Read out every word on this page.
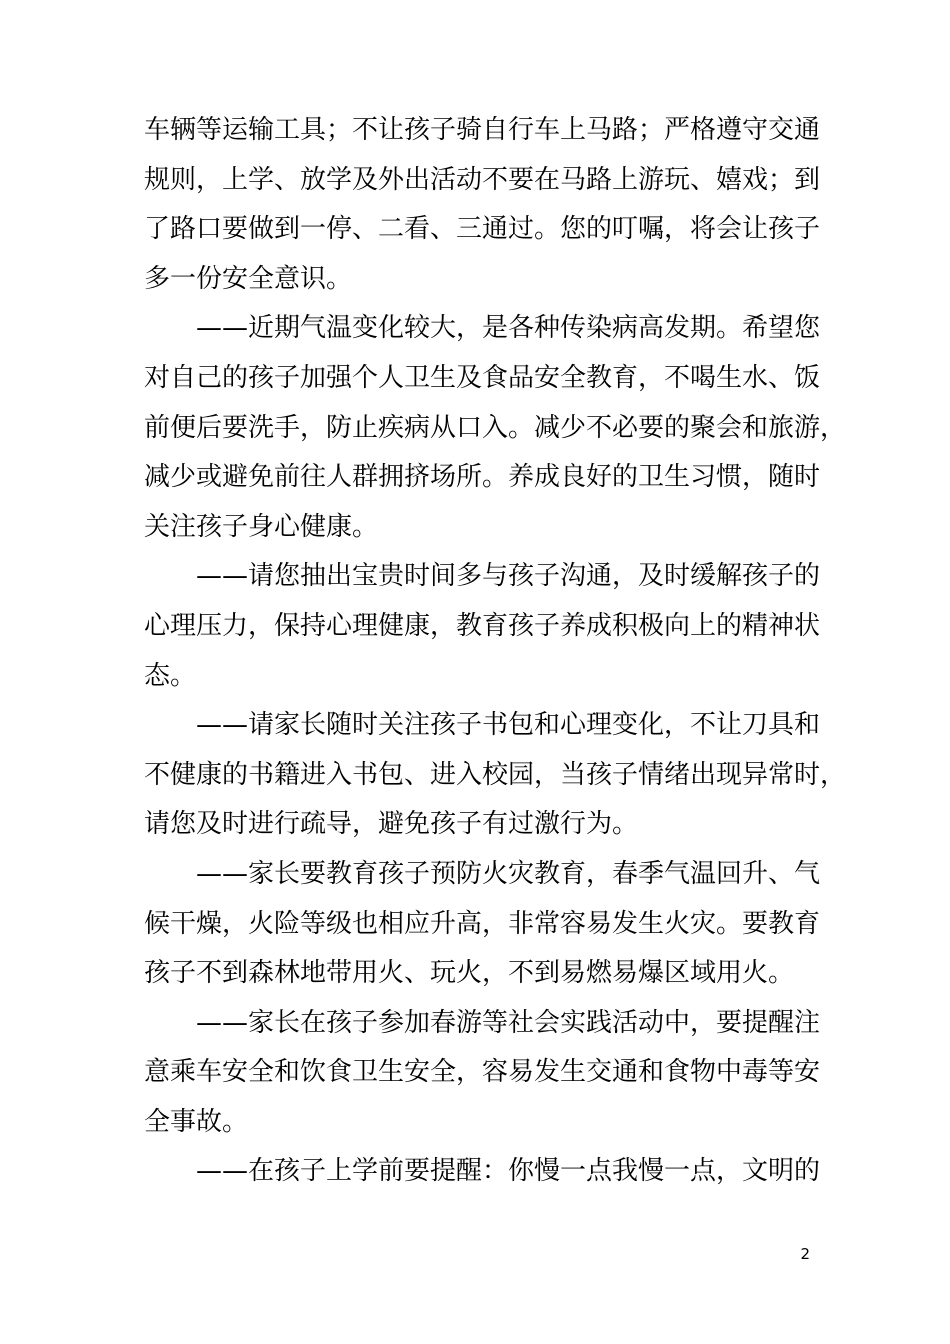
车辆等运输工具；不让孩子骑自行车上马路；严格遵守交通
规则，上学、放学及外出活动不要在马路上游玩、嬉戏；到
了路口要做到一停、二看、三通过。您的叮嘱，将会让孩子
多一份安全意识。
——近期气温变化较大，是各种传染病高发期。希望您
对自己的孩子加强个人卫生及食品安全教育，不喝生水、饭
前便后要洗手，防止疾病从口入。减少不必要的聚会和旅游，
减少或避免前往人群拥挤场所。养成良好的卫生习惯，随时
关注孩子身心健康。
——请您抽出宝贵时间多与孩子沟通，及时缓解孩子的
心理压力，保持心理健康，教育孩子养成积极向上的精神状
态。
——请家长随时关注孩子书包和心理变化，不让刀具和
不健康的书籍进入书包、进入校园，当孩子情绪出现异常时，
请您及时进行疏导，避免孩子有过激行为。
——家长要教育孩子预防火灾教育，春季气温回升、气
候干燥，火险等级也相应升高，非常容易发生火灾。要教育
孩子不到森林地带用火、玩火，不到易燃易爆区域用火。
——家长在孩子参加春游等社会实践活动中，要提醒注
意乘车安全和饮食卫生安全，容易发生交通和食物中毒等安
全事故。
——在孩子上学前要提醒：你慢一点我慢一点，文明的
2
